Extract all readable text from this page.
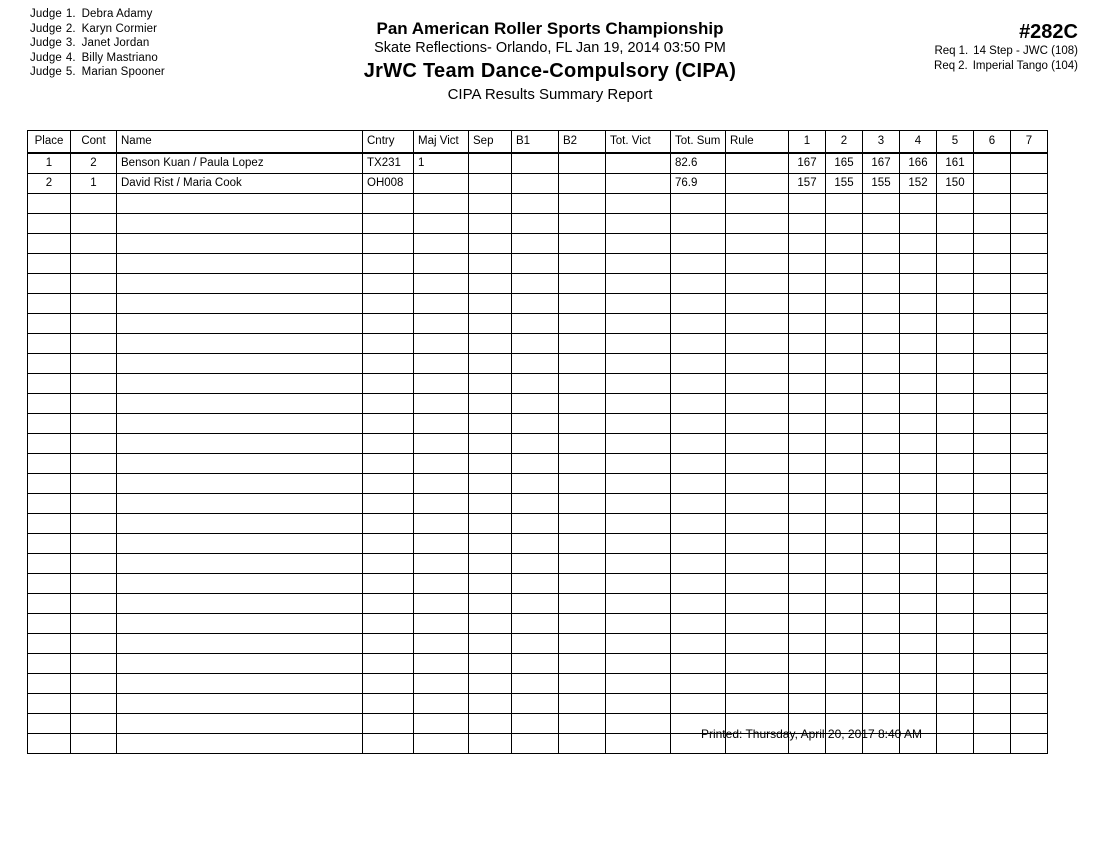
Judge 1. Debra Adamy
Judge 2. Karyn Cormier
Judge 3. Janet Jordan
Judge 4. Billy Mastriano
Judge 5. Marian Spooner
Pan American Roller Sports Championship
Skate Reflections- Orlando, FL Jan 19, 2014 03:50 PM
JrWC Team Dance-Compulsory (CIPA)
CIPA Results Summary Report
#282C
Req 1. 14 Step - JWC (108)
Req 2. Imperial Tango (104)
Place	Cont	Name	Cntry	Maj Vict	Sep	B1	B2	Tot. Vict	Tot. Sum	Rule	1	2	3	4	5	6	7
1	2	Benson Kuan / Paula Lopez	TX231	1					82.6		167	165	167	166	161		
2	1	David Rist / Maria Cook	OH008						76.9		157	155	155	152	150		

Printed: Thursday, April 20, 2017 8:40 AM
